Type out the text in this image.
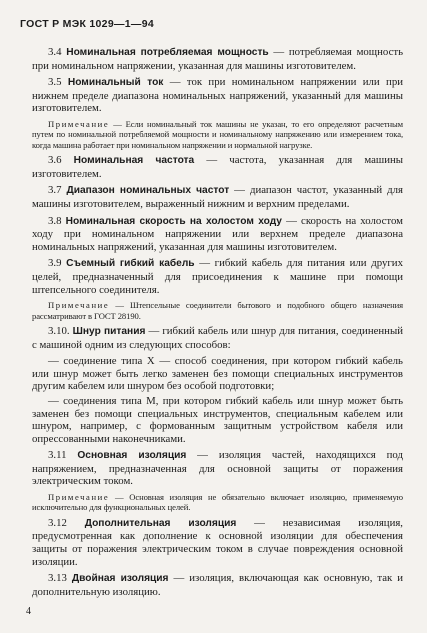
ГОСТ Р МЭК 1029—1—94

3.4 Номинальная потребляемая мощность — потребляемая мощность при номинальном напряжении, указанная для машины изготовителем.

3.5 Номинальный ток — ток при номинальном напряжении или при нижнем пределе диапазона номинальных напряжений, указанный для машины изготовителем.

Примечание — Если номинальный ток машины не указан, то его определяют расчетным путем по номинальной потребляемой мощности и номинальному напряжению или измерением тока, когда машина работает при номинальном напряжении и нормальной нагрузке.

3.6 Номинальная частота — частота, указанная для машины изготовителем.

3.7 Диапазон номинальных частот — диапазон частот, указанный для машины изготовителем, выраженный нижним и верхним пределами.

3.8 Номинальная скорость на холостом ходу — скорость на холостом ходу при номинальном напряжении или верхнем пределе диапазона номинальных напряжений, указанная для машины изготовителем.

3.9 Съемный гибкий кабель — гибкий кабель для питания или других целей, предназначенный для присоединения к машине при помощи штепсельного соединителя.

Примечание — Штепсельные соединители бытового и подобного общего назначения рассматривают в ГОСТ 28190.

3.10. Шнур питания — гибкий кабель или шнур для питания, соединенный с машиной одним из следующих способов:

— соединение типа Х — способ соединения, при котором гибкий кабель или шнур может быть легко заменен без помощи специальных инструментов другим кабелем или шнуром без особой подготовки;

— соединения типа М, при котором гибкий кабель или шнур может быть заменен без помощи специальных инструментов, специальным кабелем или шнуром, например, с формованным защитным устройством кабеля или опрессованными наконечниками.

3.11 Основная изоляция — изоляция частей, находящихся под напряжением, предназначенная для основной защиты от поражения электрическим током.

Примечание — Основная изоляция не обязательно включает изоляцию, применяемую исключительно для функциональных целей.

3.12 Дополнительная изоляция — независимая изоляция, предусмотренная как дополнение к основной изоляции для обеспечения защиты от поражения электрическим током в случае повреждения основной изоляции.

3.13 Двойная изоляция — изоляция, включающая как основную, так и дополнительную изоляцию.

4
